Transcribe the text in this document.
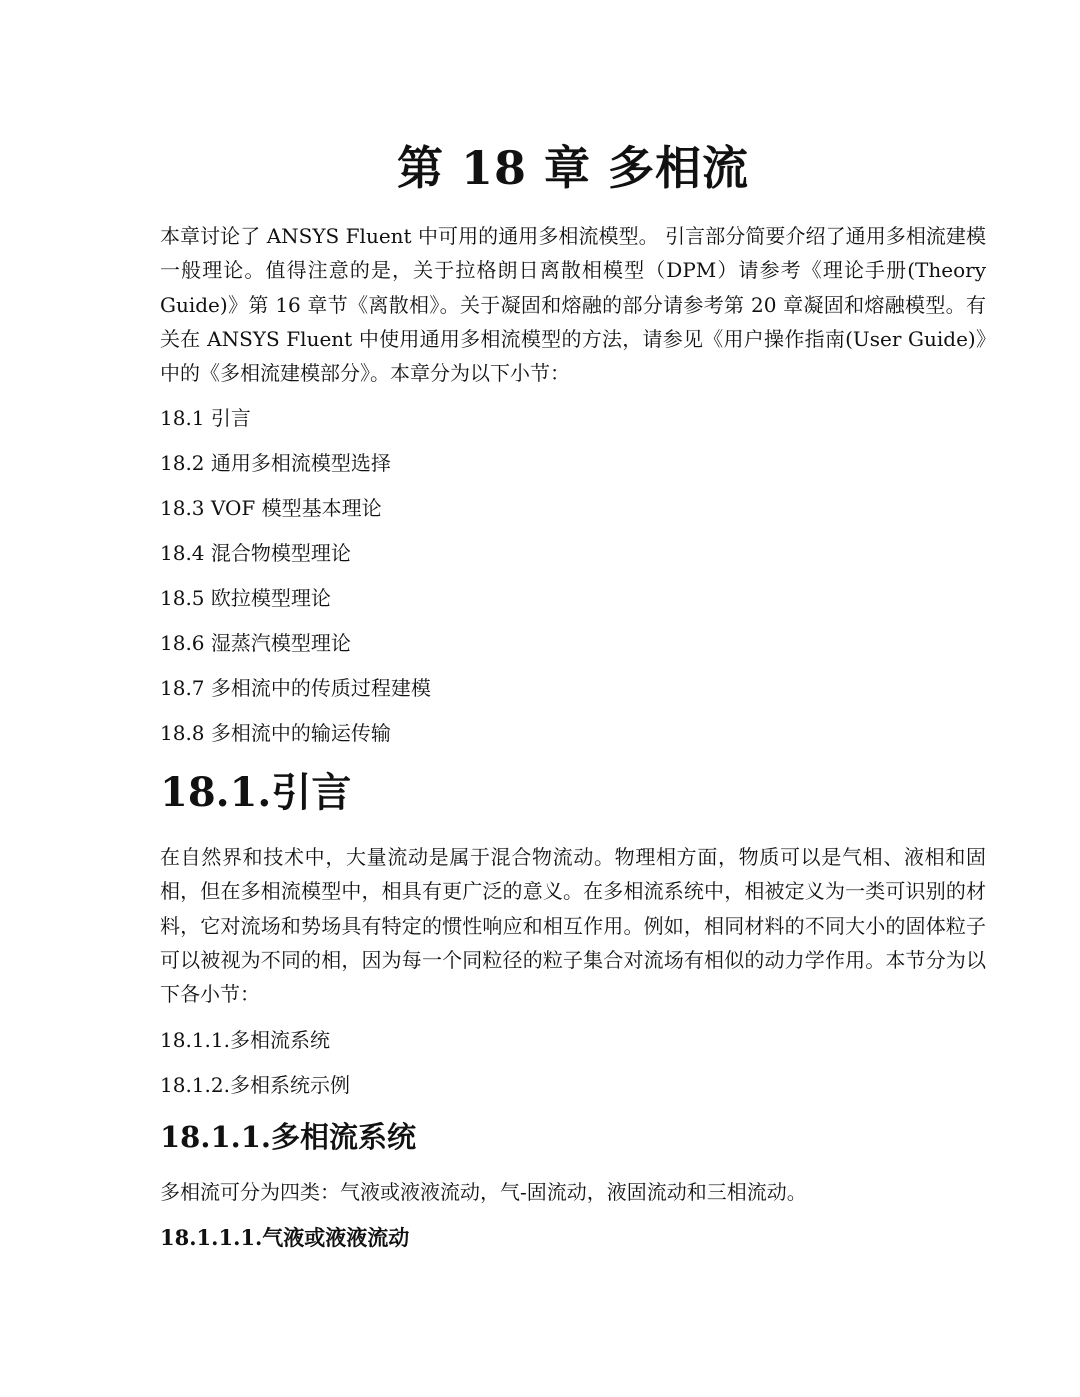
第 18 章 多相流

本章讨论了 ANSYS Fluent 中可用的通用多相流模型。 引言部分简要介绍了通用多相流建模一般理论。值得注意的是，关于拉格朗日离散相模型（DPM）请参考《理论手册(Theory Guide)》第 16 章节《离散相》。关于凝固和熔融的部分请参考第 20 章凝固和熔融模型。有关在 ANSYS Fluent 中使用通用多相流模型的方法，请参见《用户操作指南(User Guide)》中的《多相流建模部分》。本章分为以下小节：

18.1 引言

18.2 通用多相流模型选择

18.3 VOF 模型基本理论

18.4 混合物模型理论

18.5 欧拉模型理论

18.6 湿蒸汽模型理论

18.7 多相流中的传质过程建模

18.8 多相流中的输运传输

18.1.引言

在自然界和技术中，大量流动是属于混合物流动。物理相方面，物质可以是气相、液相和固相，但在多相流模型中，相具有更广泛的意义。在多相流系统中，相被定义为一类可识别的材料，它对流场和势场具有特定的惯性响应和相互作用。例如，相同材料的不同大小的固体粒子可以被视为不同的相，因为每一个同粒径的粒子集合对流场有相似的动力学作用。本节分为以下各小节：

18.1.1.多相流系统

18.1.2.多相系统示例

18.1.1.多相流系统

多相流可分为四类：气液或液液流动，气-固流动，液固流动和三相流动。

18.1.1.1.气液或液液流动
